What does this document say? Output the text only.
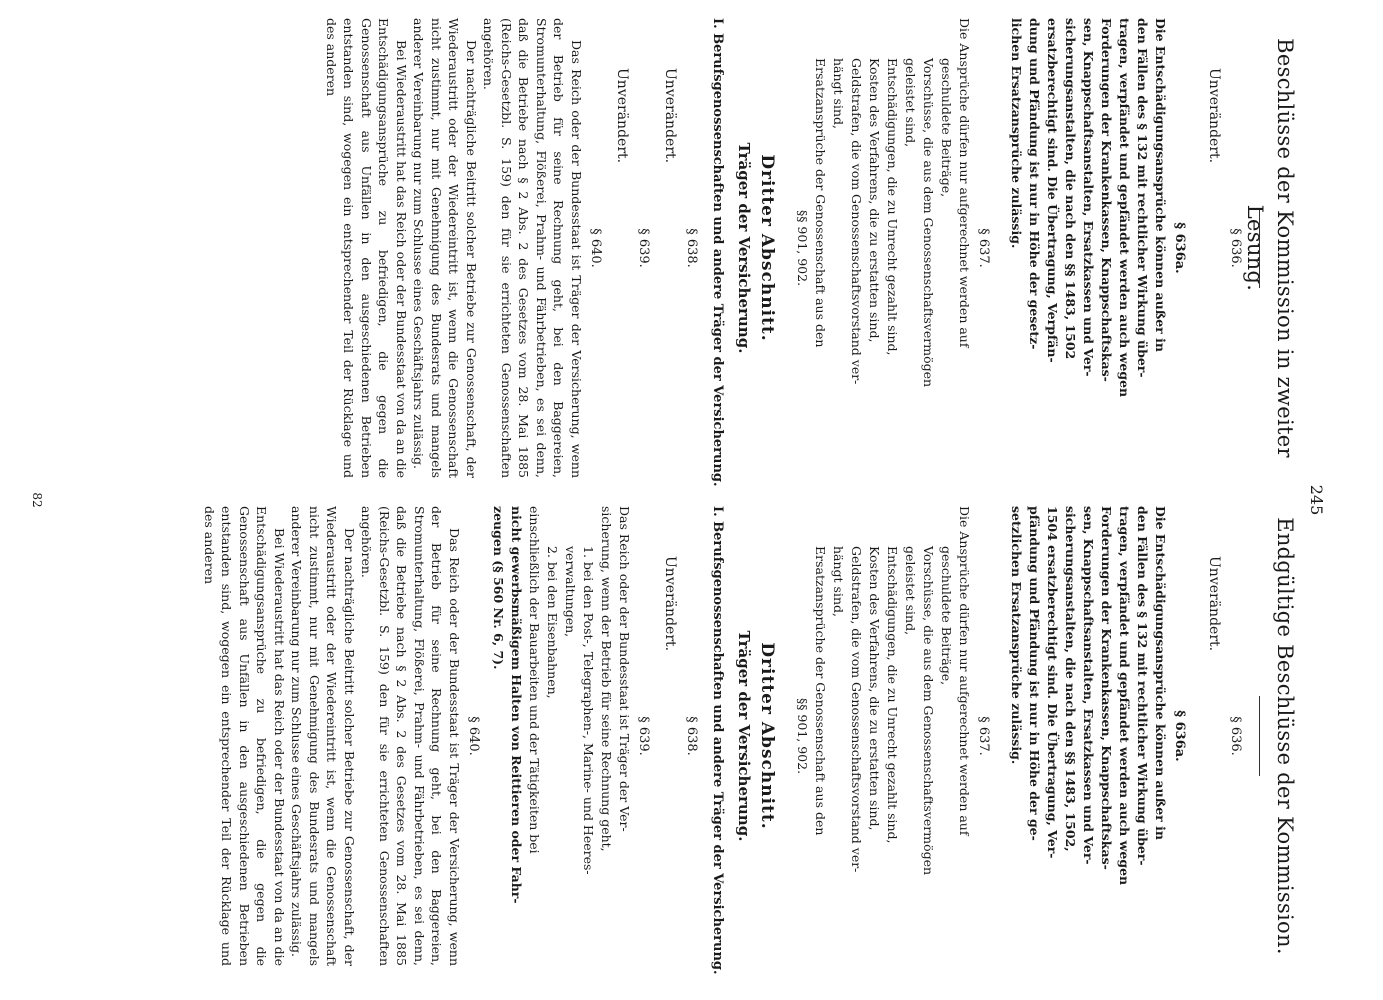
245
Beschlüsse der Kommission in zweiter Lesung.
§ 636.
Unverändert.
§ 636a.
Die Entschädigungsansprüche können außer in
den Fällen des § 132 mit rechtlicher Wirkung über-
tragen, verpfändet und gepfändet werden auch wegen
Forderungen der Krankenkassen, Knappschaftskas-
sen, Knappschaftsanstalten, Ersatzkassen und Ver-
sicherungsanstalten, die nach den §§ 1483, 1502
ersatzberechtigt sind. Die Übertragung, Verpfän-
dung und Pfändung ist nur in Höhe der gesetz-
lichen Ersatzansprüche zulässig.
§ 637.
Die Ansprüche dürfen nur aufgerechnet werden auf
geschuldete Beiträge,
Vorschüsse, die aus dem Genossenschaftsvermögen
geleistet sind,
Entschädigungen, die zu Unrecht gezahlt sind,
Kosten des Verfahrens, die zu erstatten sind,
Geldstrafen, die vom Genossenschaftsvorstand ver-
hängt sind,
Ersatzansprüche der Genossenschaft aus den
§§ 901, 902.
Dritter Abschnitt.
Träger der Versicherung.
I. Berufsgenossenschaften und andere Träger der Versicherung.
§ 638.
Unverändert.
§ 639.
Unverändert.
§ 640.

Das Reich oder der Bundesstaat ist Träger der Versicherung, wenn der Betrieb für seine Rechnung geht, bei den Baggereien, Stromunterhaltung, Flößerei, Prahm- und Fährbetrieben, es sei denn, daß die Betriebe nach § 2 Abs. 2 des Gesetzes vom 28. Mai 1885 (Reichs-Gesetzbl. S. 159) den für sie errichteten Genossenschaften angehören.

Der nachträgliche Beitritt solcher Betriebe zur Genossenschaft, der Wiederaustritt oder der Wiedereintritt ist, wenn die Genossenschaft nicht zustimmt, nur mit Genehmigung des Bundesrats und mangels anderer Vereinbarung nur zum Schlusse eines Geschäftsjahrs zulässig.

Bei Wiederaustritt hat das Reich oder der Bundesstaat von da an die Entschädigungsansprüche zu befriedigen, die gegen die Genossenschaft aus Unfällen in den ausgeschiedenen Betrieben entstanden sind, wogegen ein entsprechender Teil der Rücklage und des anderen

Endgültige Beschlüsse der Kommission.
§ 636.
Unverändert.
§ 636a.
Die Entschädigungsansprüche können außer in
den Fällen des § 132 mit rechtlicher Wirkung über-
tragen, verpfändet und gepfändet werden auch wegen
Forderungen der Krankenkassen, Knappschaftskas-
sen, Knappschaftsanstalten, Ersatzkassen und Ver-
sicherungsanstalten, die nach den §§ 1483, 1502,
1504 ersatzberechtigt sind. Die Übertragung, Ver-
pfändung und Pfändung ist nur in Höhe der ge-
setzlichen Ersatzansprüche zulässig.
§ 637.
Die Ansprüche dürfen nur aufgerechnet werden auf
geschuldete Beiträge,
Vorschüsse, die aus dem Genossenschaftsvermögen
geleistet sind,
Entschädigungen, die zu Unrecht gezahlt sind,
Kosten des Verfahrens, die zu erstatten sind,
Geldstrafen, die vom Genossenschaftsvorstand ver-
hängt sind,
Ersatzansprüche der Genossenschaft aus den
§§ 901, 902.
Dritter Abschnitt.
Träger der Versicherung.
I. Berufsgenossenschaften und andere Träger der Versicherung.
§ 638.
Unverändert.
§ 639.
Das Reich oder der Bundesstaat ist Träger der Ver-
sicherung, wenn der Betrieb für seine Rechnung geht,
1. bei den Post-, Telegraphen-, Marine- und Heeres-
verwaltungen,
2. bei den Eisenbahnen,
einschließlich der Bauarbeiten und der Tätigkeiten bei
nicht gewerbsmäßigem Halten von Reittieren oder Fahr-
zeugen (§ 560 Nr. 6, 7).
§ 640.

Das Reich oder der Bundesstaat ist Träger der Versicherung, wenn der Betrieb für seine Rechnung geht, bei den Baggereien, Stromunterhaltung, Flößerei, Prahm- und Fährbetrieben, es sei denn, daß die Betriebe nach § 2 Abs. 2 des Gesetzes vom 28. Mai 1885 (Reichs-Gesetzbl. S. 159) den für sie errichteten Genossenschaften angehören.

Der nachträgliche Beitritt solcher Betriebe zur Genossenschaft, der Wiederaustritt oder der Wiedereintritt ist, wenn die Genossenschaft nicht zustimmt, nur mit Genehmigung des Bundesrats und mangels anderer Vereinbarung nur zum Schlusse eines Geschäftsjahrs zulässig.

Bei Wiederaustritt hat das Reich oder der Bundesstaat von da an die Entschädigungsansprüche zu befriedigen, die gegen die Genossenschaft aus Unfällen in den ausgeschiedenen Betrieben entstanden sind, wogegen ein entsprechender Teil der Rücklage und des anderen

82
